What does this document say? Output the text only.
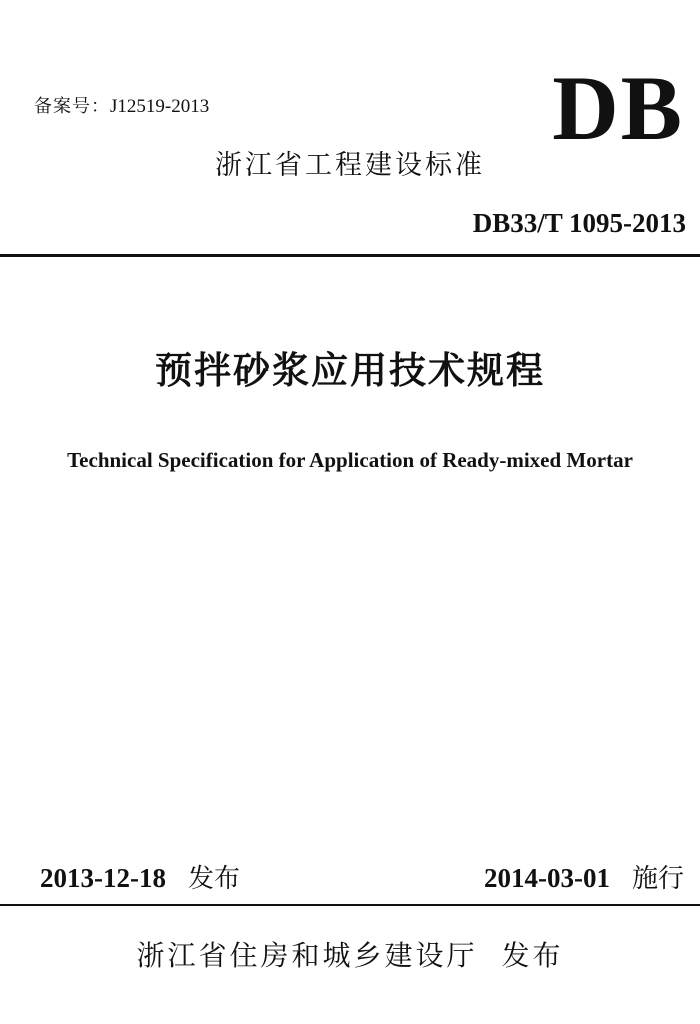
备案号：J12519-2013	DB
浙江省工程建设标准
DB33/T 1095-2013
预拌砂浆应用技术规程
Technical Specification for Application of Ready-mixed Mortar
2013-12-18 发布	2014-03-01 施行
浙江省住房和城乡建设厅 发布
